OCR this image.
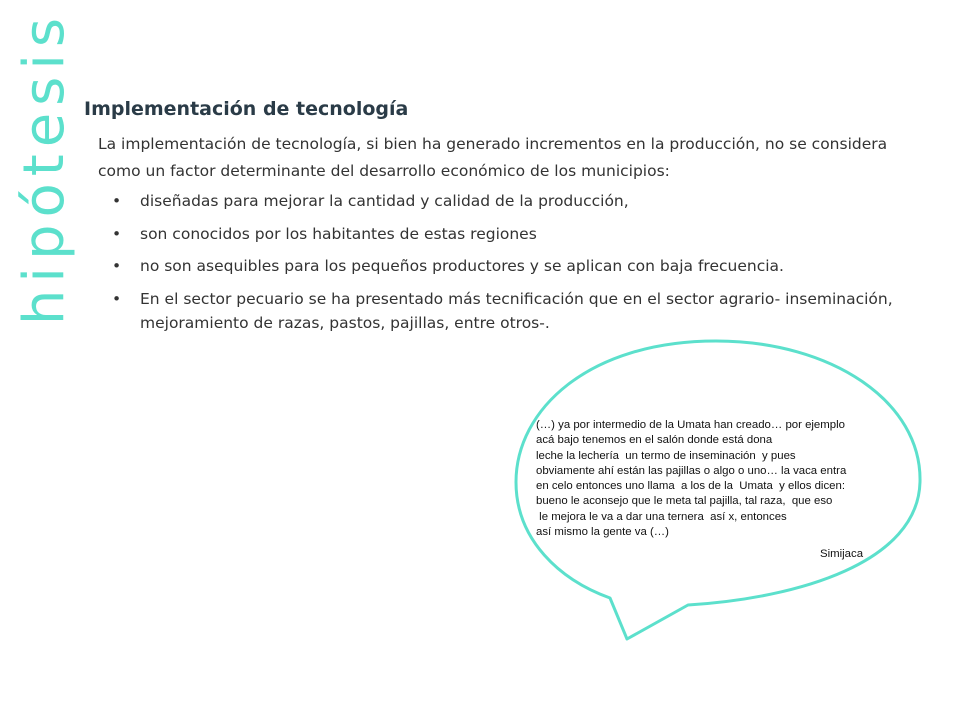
hipótesis Implementación de tecnología

La implementación de tecnología, si bien ha generado incrementos en la producción, no se considera como un factor determinante del desarrollo económico de los municipios:

• diseñadas para mejorar la cantidad y calidad de la producción,
• son conocidos por los habitantes de estas regiones
• no son asequibles para los pequeños productores y se aplican con baja frecuencia.
• En el sector pecuario se ha presentado más tecnificación que en el sector agrario- inseminación, mejoramiento de razas, pastos, pajillas, entre otros-.
(…) ya por intermedio de la Umata han creado… por ejemplo
acá bajo tenemos en el salón donde está dona
leche la lechería  un termo de inseminación  y pues
obviamente ahí están las pajillas o algo o uno… la vaca entra
en celo entonces uno llama  a los de la  Umata  y ellos dicen:
bueno le aconsejo que le meta tal pajilla, tal raza,  que eso
le mejora le va a dar una ternera  así x, entonces
así mismo la gente va (…)
Simijaca
